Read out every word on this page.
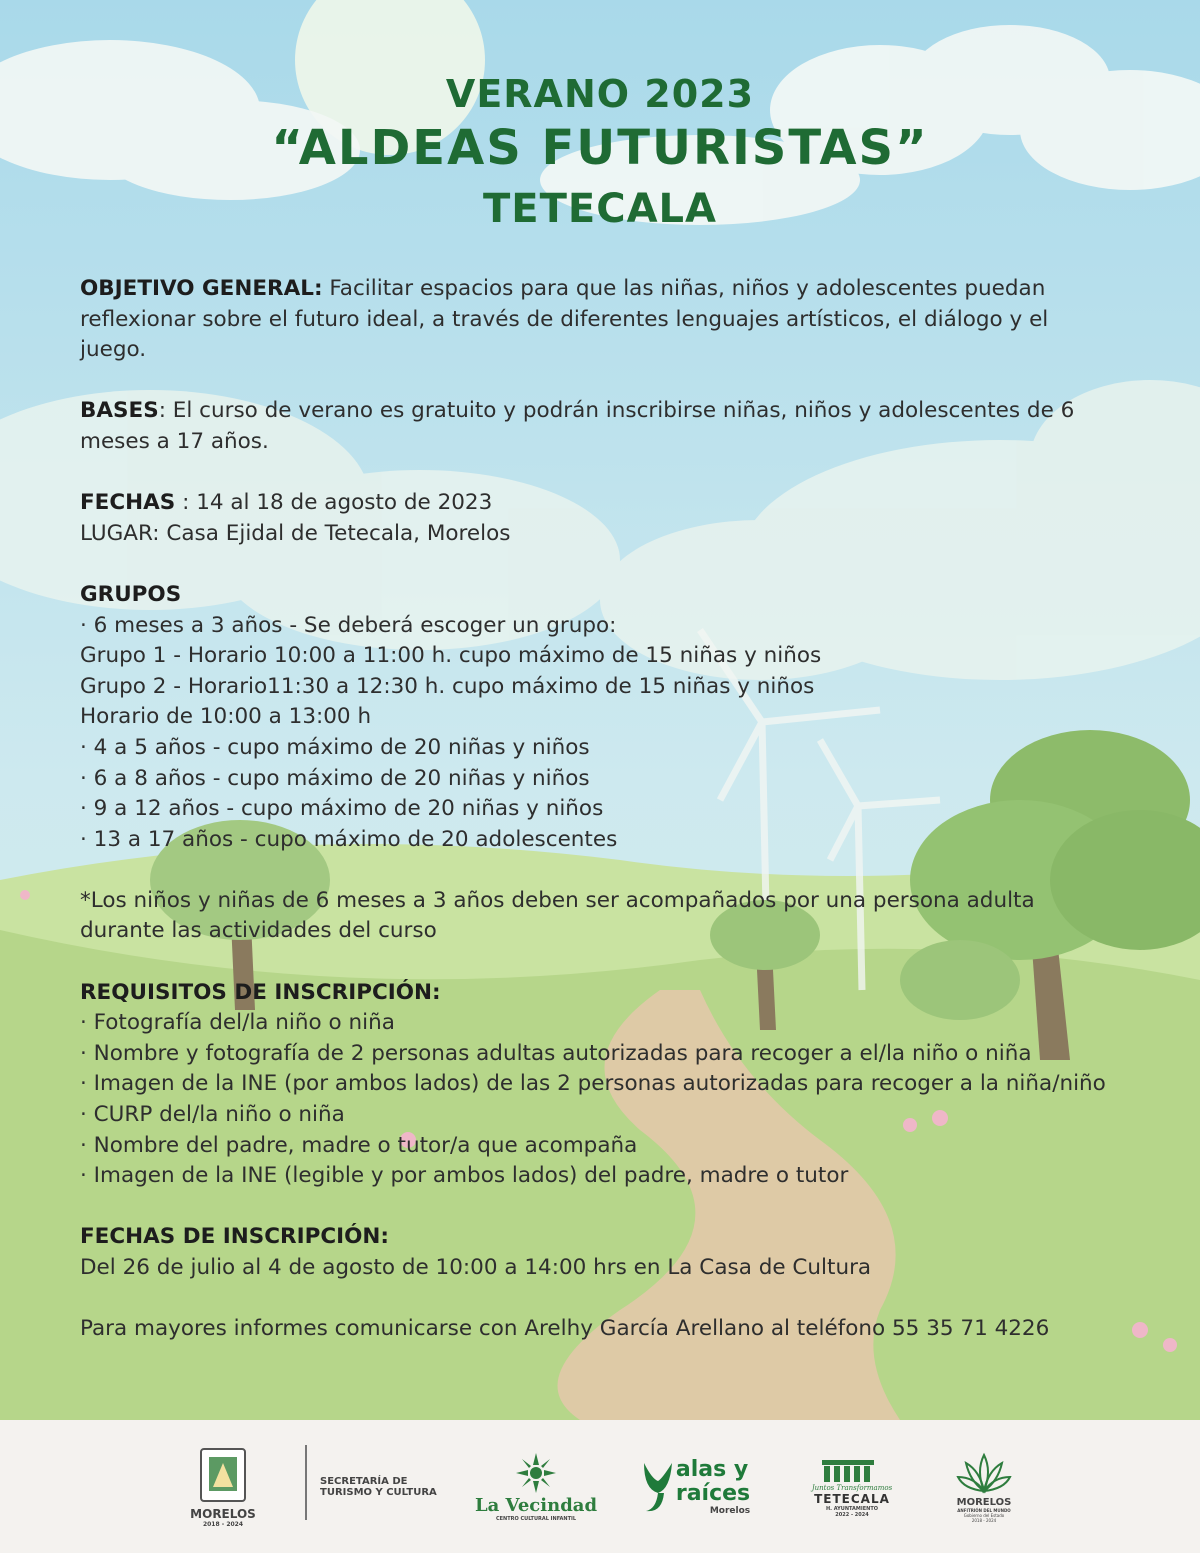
VERANO 2023
“ALDEAS FUTURISTAS”
TETECALA

OBJETIVO GENERAL: Facilitar espacios para que las niñas, niños y adolescentes puedan reflexionar sobre el futuro ideal, a través de diferentes lenguajes artísticos, el diálogo y el juego.

BASES: El curso de verano es gratuito y podrán inscribirse niñas, niños y adolescentes de 6 meses a 17 años.

FECHAS : 14 al 18 de agosto de 2023

LUGAR: Casa Ejidal de Tetecala, Morelos

GRUPOS

· 6 meses a 3 años - Se deberá escoger un grupo:

Grupo 1 - Horario 10:00 a 11:00 h. cupo máximo de 15 niñas y niños

Grupo 2 - Horario11:30 a 12:30 h. cupo máximo de 15 niñas y niños

Horario de 10:00 a 13:00 h

· 4 a 5 años - cupo máximo de 20 niñas y niños

· 6 a 8 años - cupo máximo de 20 niñas y niños

· 9 a 12 años - cupo máximo de 20 niñas y niños

· 13 a 17 años - cupo máximo de 20 adolescentes

*Los niños y niñas de 6 meses a 3 años deben ser acompañados por una persona adulta durante las actividades del curso

REQUISITOS DE INSCRIPCIÓN:

· Fotografía del/la niño o niña

· Nombre y fotografía de 2 personas adultas autorizadas para recoger a el/la niño o niña

· Imagen de la INE (por ambos lados) de las 2 personas autorizadas para recoger a la niña/niño

· CURP del/la niño o niña

· Nombre del padre, madre o tutor/a que acompaña

· Imagen de la INE (legible y por ambos lados) del padre, madre o tutor

FECHAS DE INSCRIPCIÓN:

Del 26 de julio al 4 de agosto de 10:00 a 14:00 hrs en La Casa de Cultura

Para mayores informes comunicarse con Arelhy García Arellano al teléfono 55 35 71 4226

MORELOS
2018 - 2024
SECRETARÍA DE
TURISMO Y CULTURA
La Vecindad
CENTRO CULTURAL INFANTIL
alas y
raíces
Morelos
Juntos Transformamos
TETECALA
H. AYUNTAMIENTO
2022 - 2024
MORELOS
ANFITRIÓN DEL MUNDO
Gobierno del Estado
2018 - 2024
